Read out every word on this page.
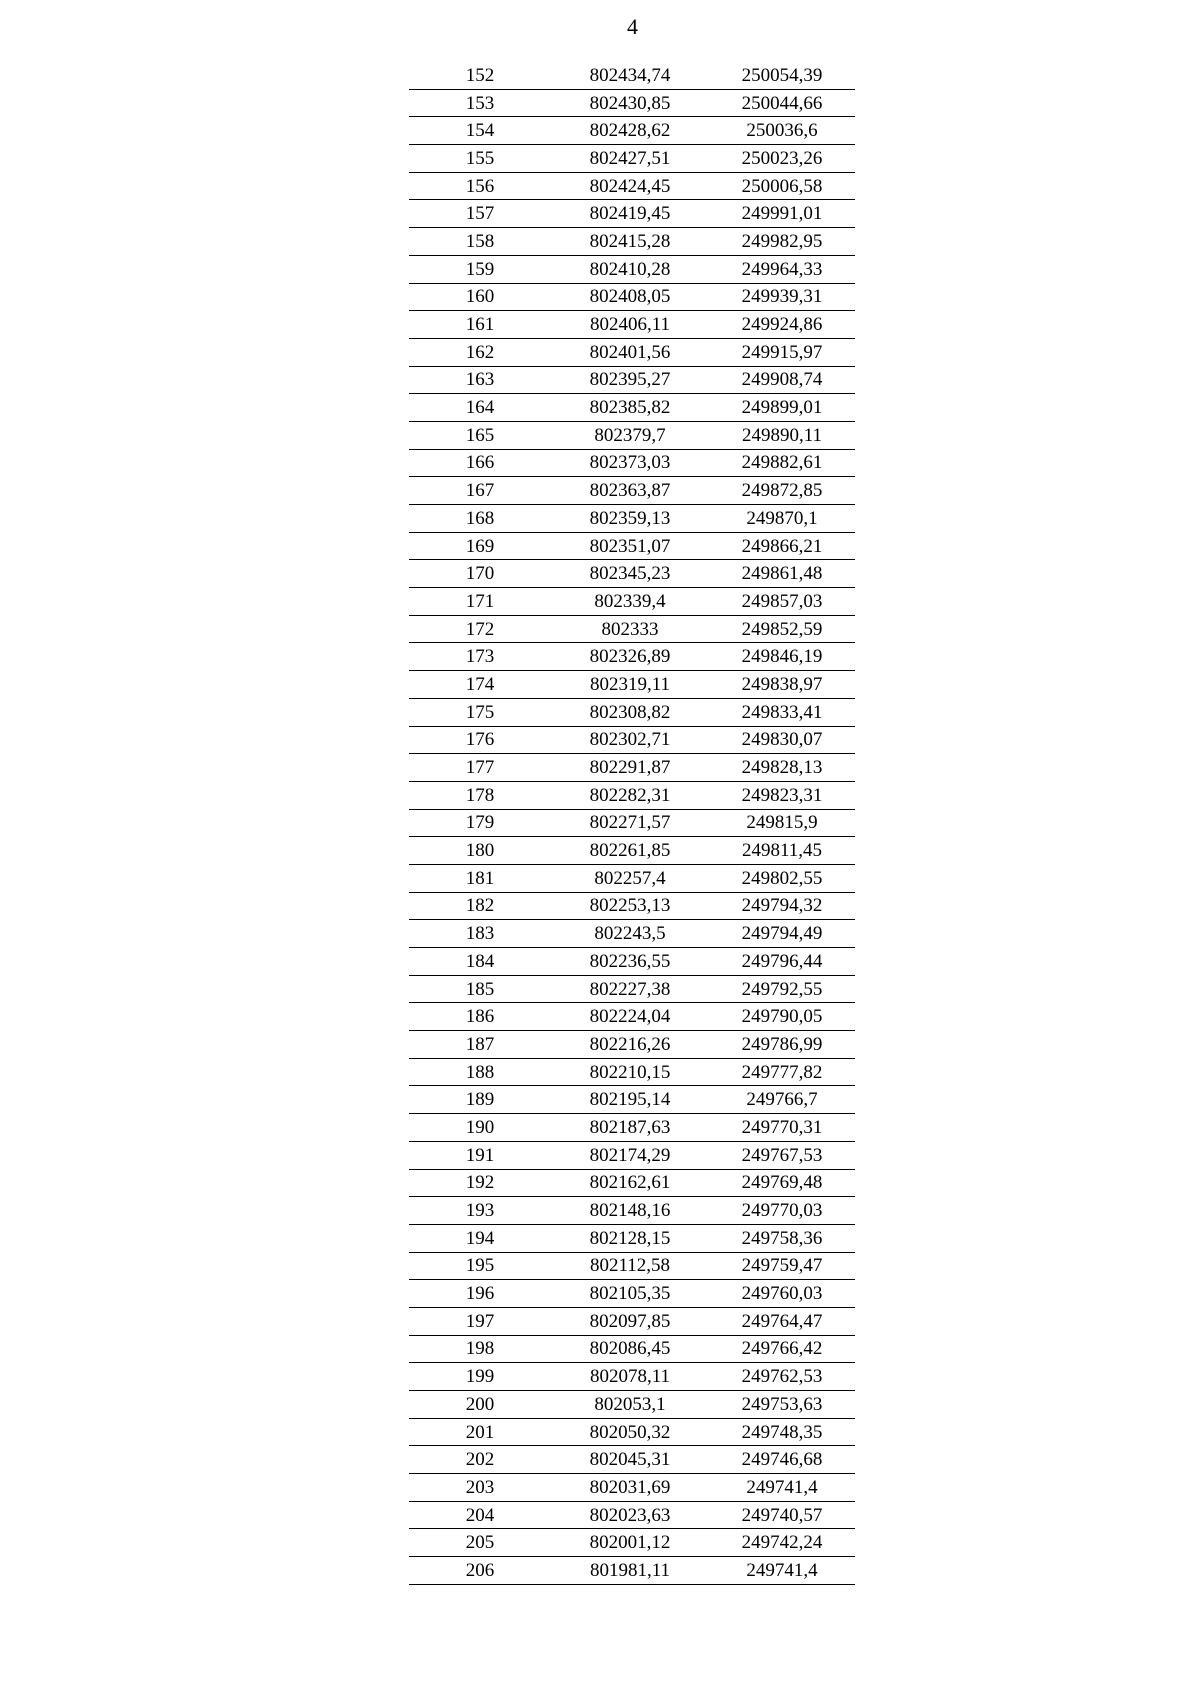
4
152	802434,74	250054,39
153	802430,85	250044,66
154	802428,62	250036,6
155	802427,51	250023,26
156	802424,45	250006,58
157	802419,45	249991,01
158	802415,28	249982,95
159	802410,28	249964,33
160	802408,05	249939,31
161	802406,11	249924,86
162	802401,56	249915,97
163	802395,27	249908,74
164	802385,82	249899,01
165	802379,7	249890,11
166	802373,03	249882,61
167	802363,87	249872,85
168	802359,13	249870,1
169	802351,07	249866,21
170	802345,23	249861,48
171	802339,4	249857,03
172	802333	249852,59
173	802326,89	249846,19
174	802319,11	249838,97
175	802308,82	249833,41
176	802302,71	249830,07
177	802291,87	249828,13
178	802282,31	249823,31
179	802271,57	249815,9
180	802261,85	249811,45
181	802257,4	249802,55
182	802253,13	249794,32
183	802243,5	249794,49
184	802236,55	249796,44
185	802227,38	249792,55
186	802224,04	249790,05
187	802216,26	249786,99
188	802210,15	249777,82
189	802195,14	249766,7
190	802187,63	249770,31
191	802174,29	249767,53
192	802162,61	249769,48
193	802148,16	249770,03
194	802128,15	249758,36
195	802112,58	249759,47
196	802105,35	249760,03
197	802097,85	249764,47
198	802086,45	249766,42
199	802078,11	249762,53
200	802053,1	249753,63
201	802050,32	249748,35
202	802045,31	249746,68
203	802031,69	249741,4
204	802023,63	249740,57
205	802001,12	249742,24
206	801981,11	249741,4
